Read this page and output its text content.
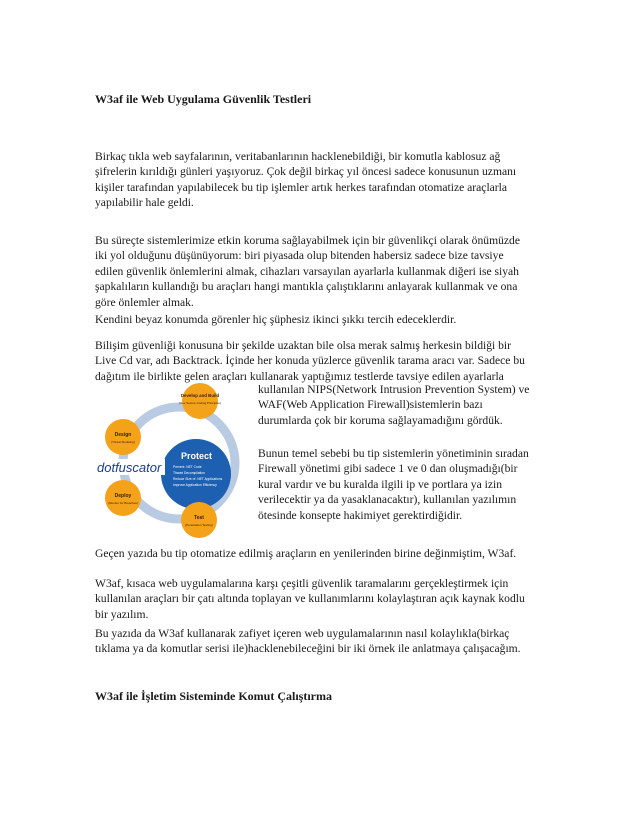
W3af ile Web Uygulama Güvenlik Testleri

Birkaç tıkla web sayfalarının, veritabanlarının hacklenebildiği, bir komutla kablosuz ağ
şifrelerin kırıldığı günleri yaşıyoruz. Çok değil birkaç yıl öncesi sadece konusunun uzmanı
kişiler tarafından yapılabilecek bu tip işlemler artık herkes tarafından otomatize araçlarla
yapılabilir hale geldi.

Bu süreçte sistemlerimize etkin koruma sağlayabilmek için bir güvenlikçi olarak önümüzde
iki yol olduğunu düşünüyorum: biri piyasada olup bitenden habersiz sadece bize tavsiye
edilen güvenlik önlemlerini almak, cihazları varsayılan ayarlarla kullanmak diğeri ise siyah
şapkalıların kullandığı bu araçları hangi mantıkla çalıştıklarını anlayarak kullanmak ve ona
göre önlemler almak.

Kendini beyaz konumda görenler hiç şüphesiz ikinci şıkkı tercih edeceklerdir.

Bilişim güvenliği konusuna bir şekilde uzaktan bile olsa merak salmış herkesin bildiği bir
Live Cd var, adı Backtrack. İçinde her konuda yüzlerce güvenlik tarama aracı var. Sadece bu
dağıtım ile birlikte gelen araçları kullanarak yaptığımız testlerde tavsiye edilen ayarlarla

kullanılan NIPS(Network Intrusion Prevention System) ve
WAF(Web Application Firewall)sistemlerin bazı
durumlarda çok bir koruma sağlayamadığını gördük.

Bunun temel sebebi bu tip sistemlerin yönetiminin sıradan
Firewall yönetimi gibi sadece 1 ve 0 dan oluşmadığı(bir
kural vardır ve bu kuralda ilgili ip ve portlara ya izin
verilecektir ya da yasaklanacaktır), kullanılan yazılımın
ötesinde konsepte hakimiyet gerektirdiğidir.

Protect
Prevent .NET Code
Thwart Decompilation
Reduce Size of .NET Applications
Improve Application Efficiency
Develop and Build
(Use Secure Coding Principles)
Design
(Threat Modeling)
Deploy
(Monitor for Breaches)
Test
(Penetration Testing)
dotfuscator

Geçen yazıda bu tip otomatize edilmiş araçların en yenilerinden birine değinmiştim, W3af.

W3af, kısaca web uygulamalarına karşı çeşitli güvenlik taramalarını gerçekleştirmek için
kullanılan araçları bir çatı altında toplayan ve kullanımlarını kolaylaştıran açık kaynak kodlu
bir yazılım.

Bu yazıda da W3af kullanarak zafiyet içeren web uygulamalarının nasıl kolaylıkla(birkaç
tıklama ya da komutlar serisi ile)hacklenebileceğini bir iki örnek ile anlatmaya çalışacağım.

W3af ile İşletim Sisteminde Komut Çalıştırma
